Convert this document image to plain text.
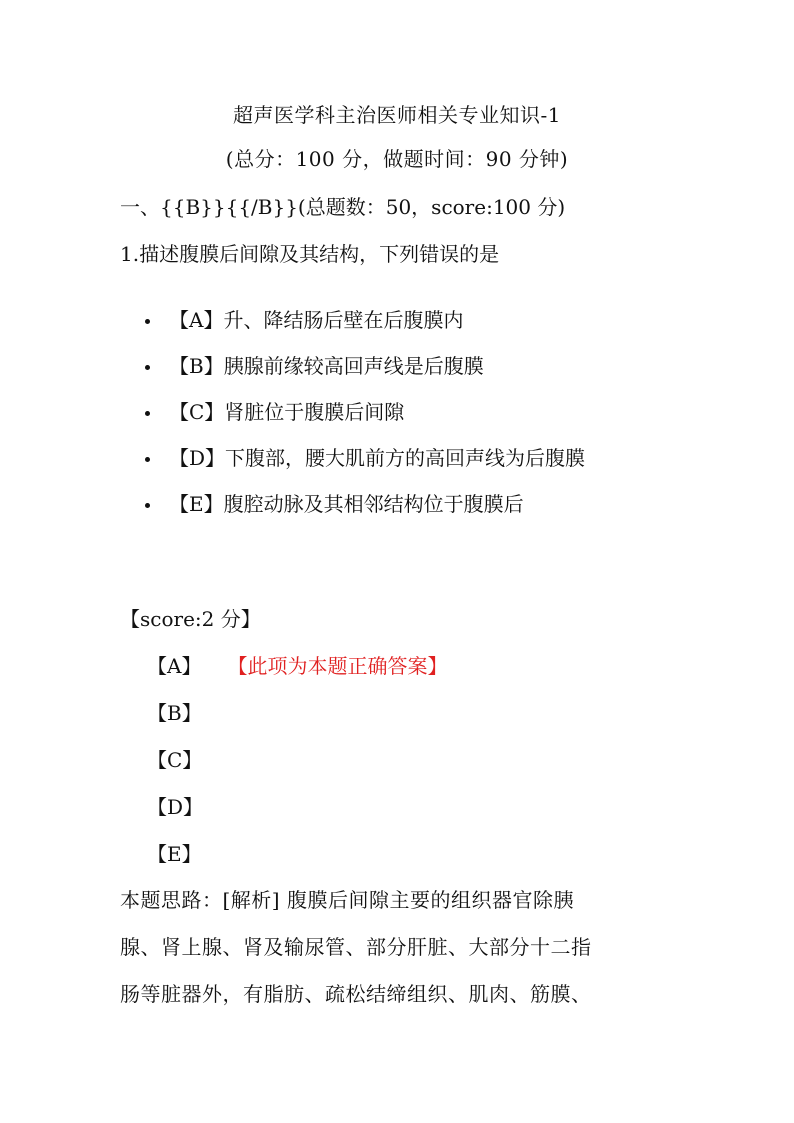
超声医学科主治医师相关专业知识-1
(总分：100 分，做题时间：90 分钟)
一、{{B}}{{/B}}(总题数：50，score:100 分)
1.描述腹膜后间隙及其结构，下列错误的是
【A】升、降结肠后壁在后腹膜内
【B】胰腺前缘较高回声线是后腹膜
【C】肾脏位于腹膜后间隙
【D】下腹部，腰大肌前方的高回声线为后腹膜
【E】腹腔动脉及其相邻结构位于腹膜后
【score:2 分】
【A】 【此项为本题正确答案】
【B】
【C】
【D】
【E】
本题思路：[解析] 腹膜后间隙主要的组织器官除胰
腺、肾上腺、肾及输尿管、部分肝脏、大部分十二指
肠等脏器外，有脂肪、疏松结缔组织、肌肉、筋膜、
